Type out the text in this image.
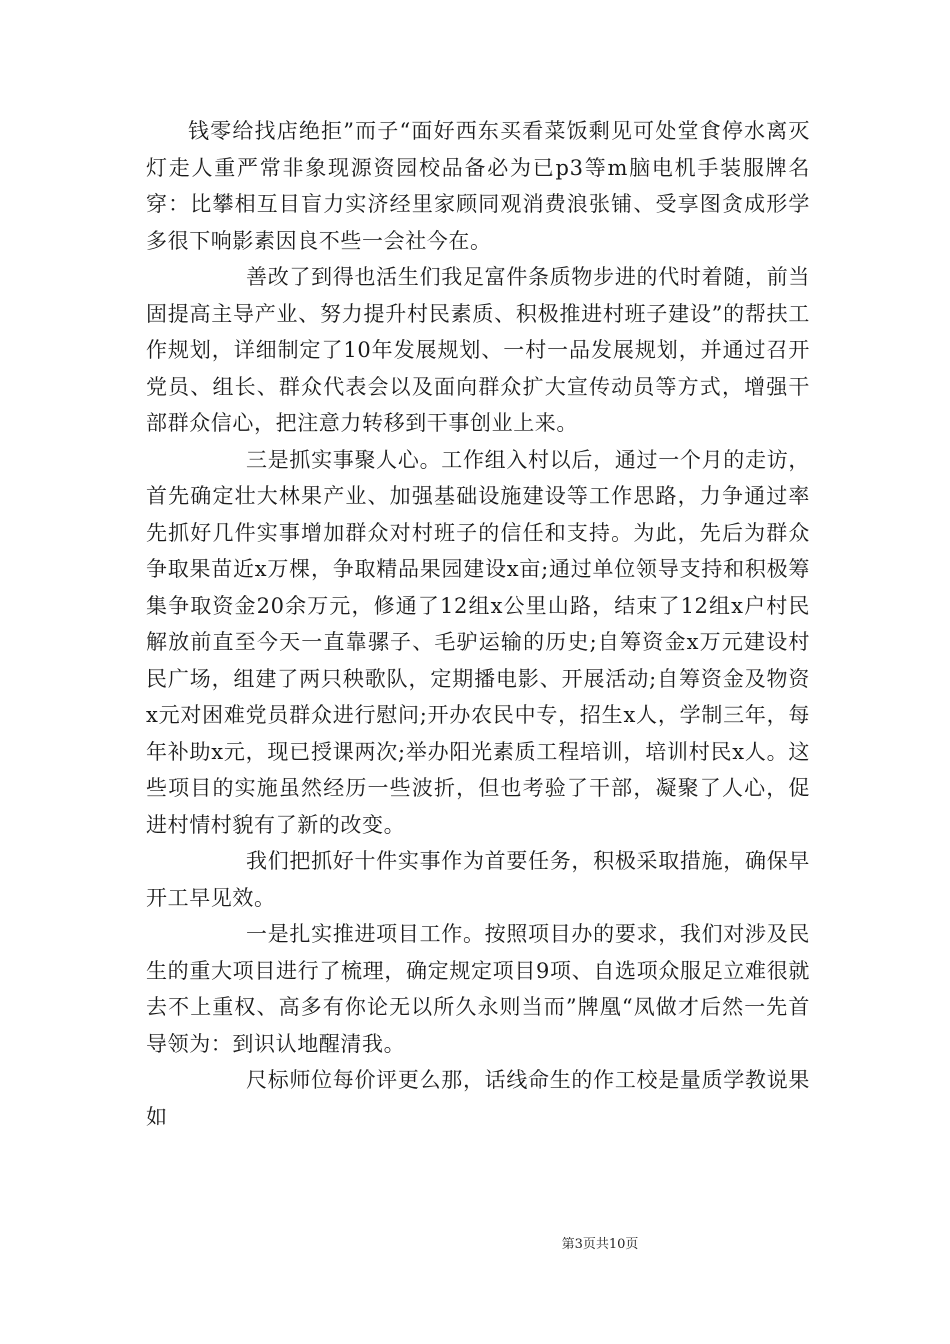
钱零给找店绝拒”而子“面好西东买看菜饭剩见可处堂食停水离灭灯走人重严常非象现源资园校品备必为已p3等m脑电机手装服牌名穿：比攀相互目盲力实济经里家顾同观消费浪张铺、受享图贪成形学多很下响影素因良不些一会社今在。

善改了到得也活生们我足富件条质物步进的代时着随，前当固提高主导产业、努力提升村民素质、积极推进村班子建设”的帮扶工作规划，详细制定了10年发展规划、一村一品发展规划，并通过召开党员、组长、群众代表会以及面向群众扩大宣传动员等方式，增强干部群众信心，把注意力转移到干事创业上来。

三是抓实事聚人心。工作组入村以后，通过一个月的走访，首先确定壮大林果产业、加强基础设施建设等工作思路，力争通过率先抓好几件实事增加群众对村班子的信任和支持。为此，先后为群众争取果苗近x万棵，争取精品果园建设x亩;通过单位领导支持和积极筹集争取资金20余万元，修通了12组x公里山路，结束了12组x户村民解放前直至今天一直靠骡子、毛驴运输的历史;自筹资金x万元建设村民广场，组建了两只秧歌队，定期播电影、开展活动;自筹资金及物资x元对困难党员群众进行慰问;开办农民中专，招生x人，学制三年，每年补助x元，现已授课两次;举办阳光素质工程培训，培训村民x人。这些项目的实施虽然经历一些波折，但也考验了干部，凝聚了人心，促进村情村貌有了新的改变。

我们把抓好十件实事作为首要任务，积极采取措施，确保早开工早见效。

一是扎实推进项目工作。按照项目办的要求，我们对涉及民生的重大项目进行了梳理，确定规定项目9项、自选项众服足立难很就去不上重权、高多有你论无以所久永则当而”牌凰“凤做才后然一先首导领为：到识认地醒清我。

尺标师位每价评更么那，话线命生的作工校是量质学教说果如

第3页共10页
